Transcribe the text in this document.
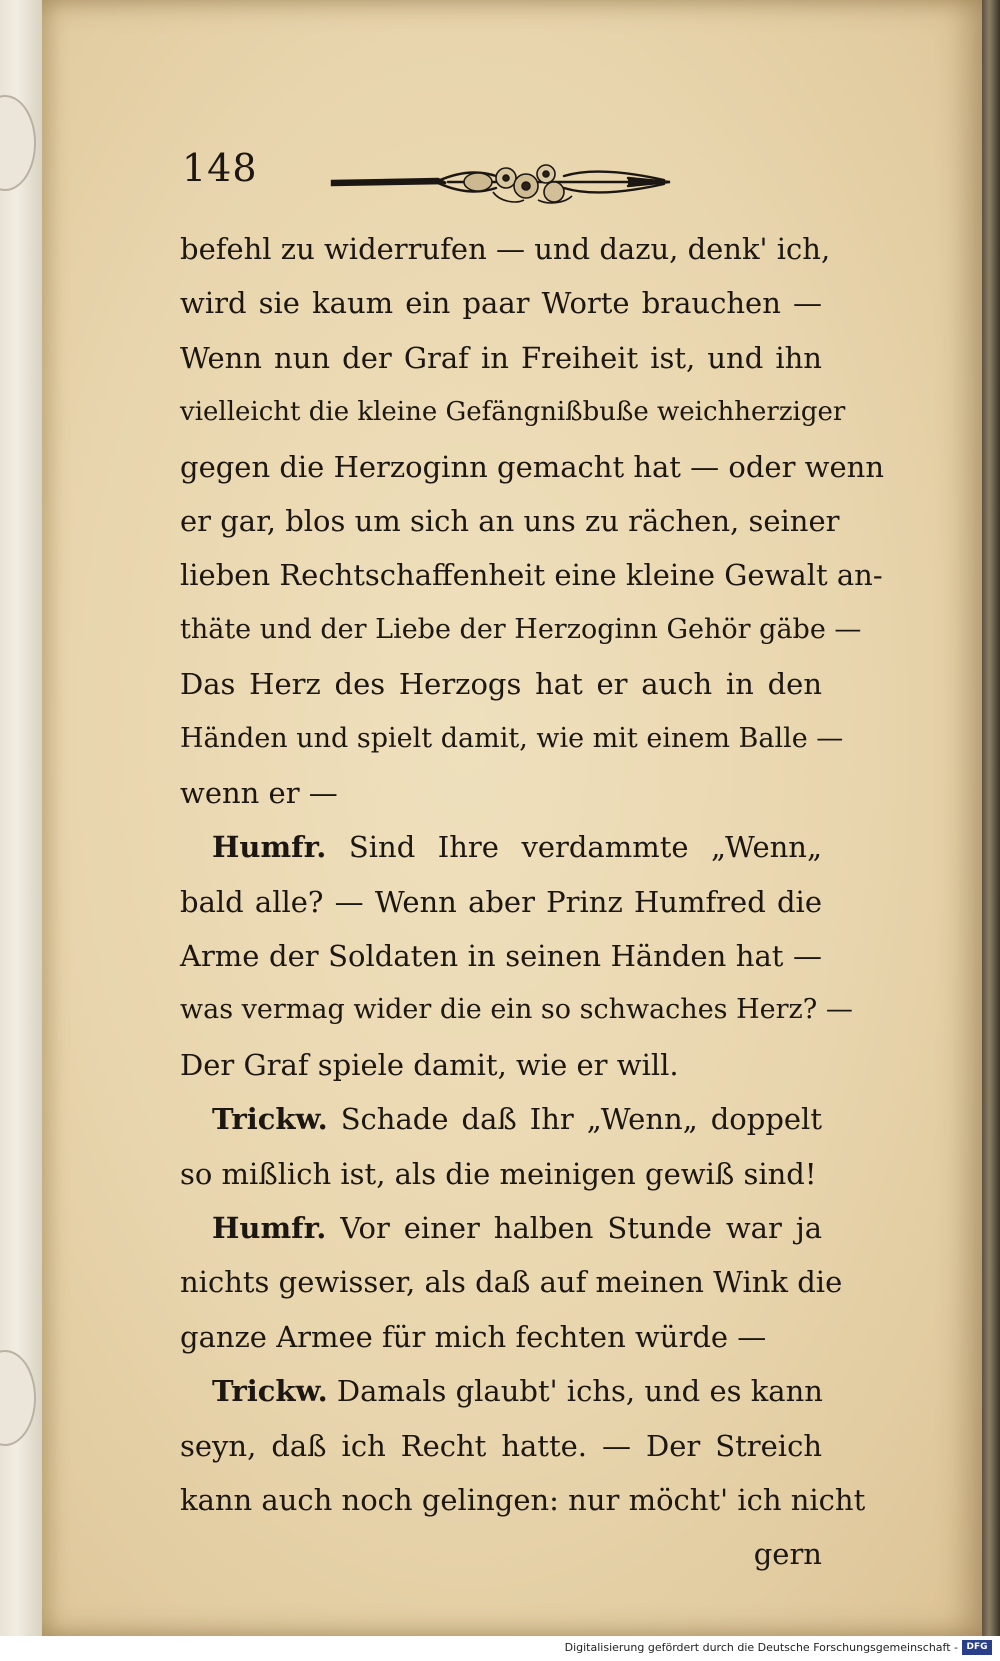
148
befehl zu widerrufen — und dazu, denk' ich,
wird sie kaum ein paar Worte brauchen —
Wenn nun der Graf in Freiheit ist, und ihn
vielleicht die kleine Gefängnißbuße weichherziger
gegen die Herzoginn gemacht hat — oder wenn
er gar, blos um sich an uns zu rächen, seiner
lieben Rechtschaffenheit eine kleine Gewalt an-
thäte und der Liebe der Herzoginn Gehör gäbe —
Das Herz des Herzogs hat er auch in den
Händen und spielt damit, wie mit einem Balle —
wenn er —
Humfr. Sind Ihre verdammte „Wenn„
bald alle? — Wenn aber Prinz Humfred die
Arme der Soldaten in seinen Händen hat —
was vermag wider die ein so schwaches Herz? —
Der Graf spiele damit, wie er will.
Trickw. Schade daß Ihr „Wenn„ doppelt
so mißlich ist, als die meinigen gewiß sind!
Humfr. Vor einer halben Stunde war ja
nichts gewisser, als daß auf meinen Wink die
ganze Armee für mich fechten würde —
Trickw. Damals glaubt' ichs, und es kann
seyn, daß ich Recht hatte. — Der Streich
kann auch noch gelingen: nur möcht' ich nicht
gern
Digitalisierung gefördert durch die Deutsche Forschungsgemeinschaft - DFG
